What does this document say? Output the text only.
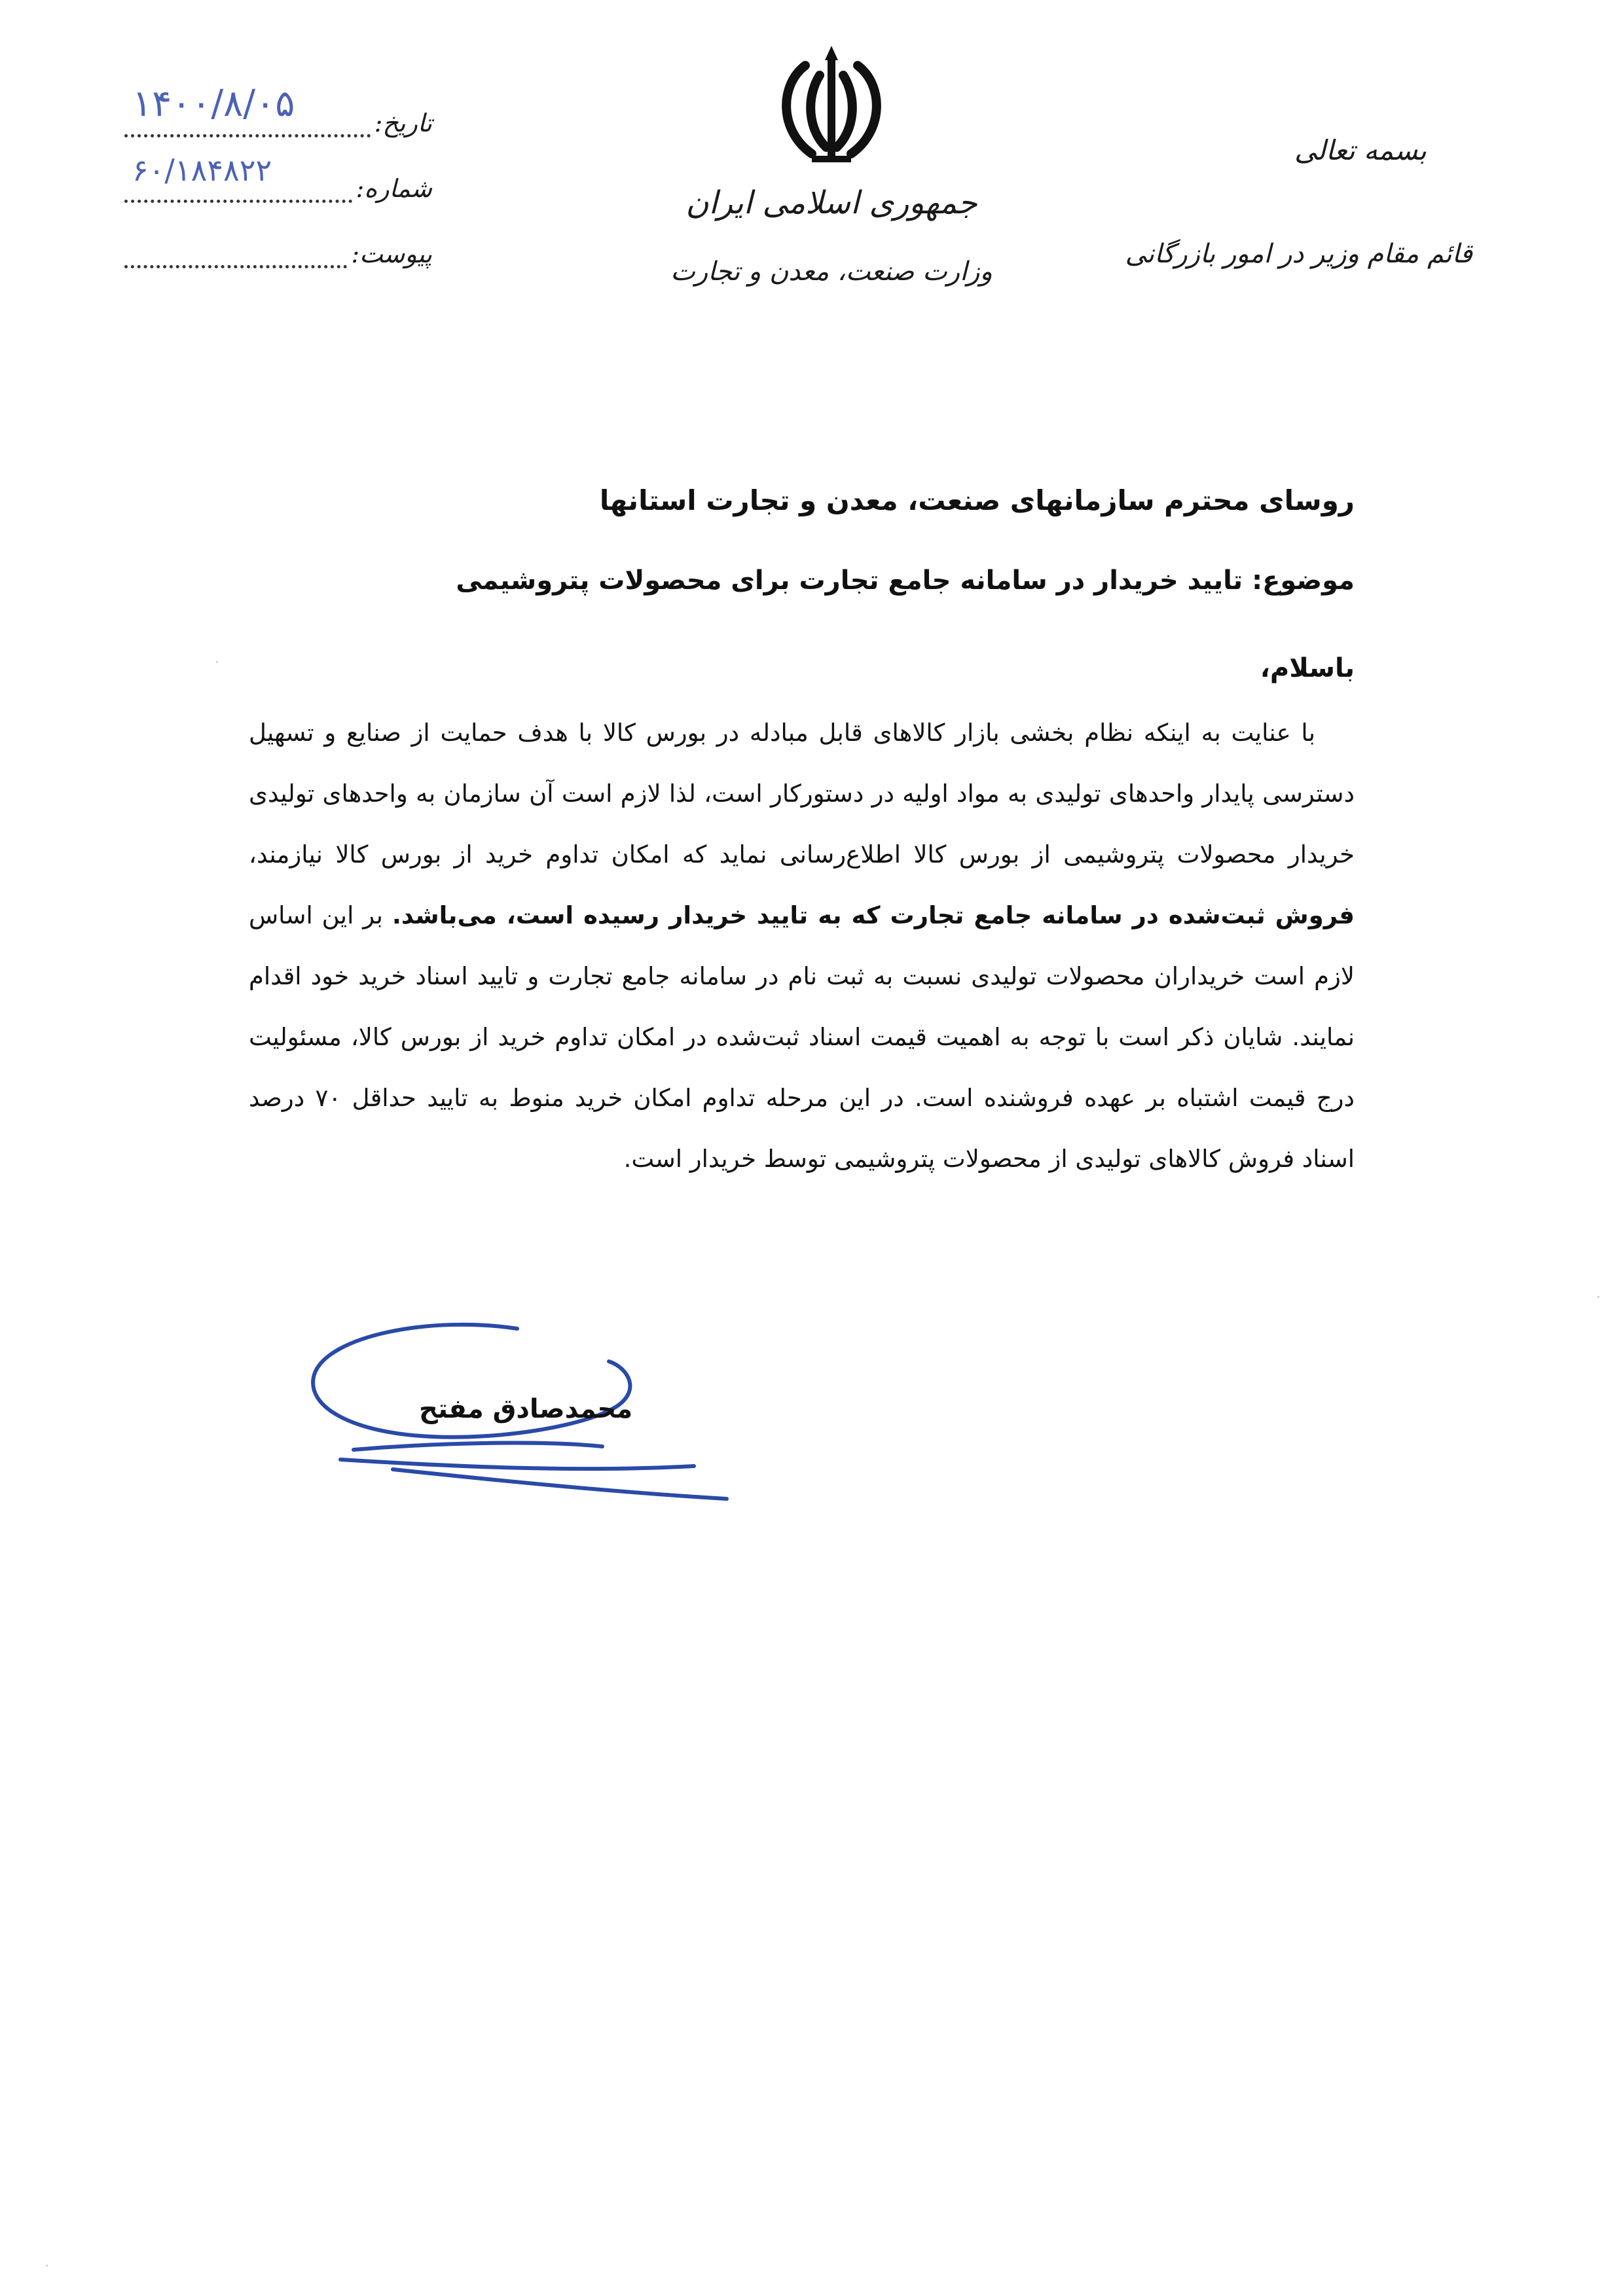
تاریخ:
۱۴۰۰/۸/۰۵
شماره:
۶۰/۱۸۴۸۲۲
پیوست:
جمهوری اسلامی ایران
وزارت صنعت، معدن و تجارت
بسمه تعالی
قائم مقام وزیر در امور بازرگانی

روسای محترم سازمانهای صنعت، معدن و تجارت استانها

موضوع: تایید خریدار در سامانه جامع تجارت برای محصولات پتروشیمی

باسلام،

با عنایت به اینکه نظام بخشی بازار کالاهای قابل مبادله در بورس کالا با هدف حمایت از صنایع و تسهیل دسترسی پایدار واحدهای تولیدی به مواد اولیه در دستورکار است، لذا لازم است آن سازمان به واحدهای تولیدی خریدار محصولات پتروشیمی از بورس کالا اطلاع‌رسانی نماید که امکان تداوم خرید از بورس کالا نیازمند، فروش ثبت‌شده در سامانه جامع تجارت که به تایید خریدار رسیده است، می‌باشد. بر این اساس لازم است خریداران محصولات تولیدی نسبت به ثبت نام در سامانه جامع تجارت و تایید اسناد خرید خود اقدام نمایند. شایان ذکر است با توجه به اهمیت قیمت اسناد ثبت‌شده در امکان تداوم خرید از بورس کالا، مسئولیت درج قیمت اشتباه بر عهده فروشنده است. در این مرحله تداوم امکان خرید منوط به تایید حداقل ۷۰ درصد اسناد فروش کالاهای تولیدی از محصولات پتروشیمی توسط خریدار است.

محمدصادق مفتح
